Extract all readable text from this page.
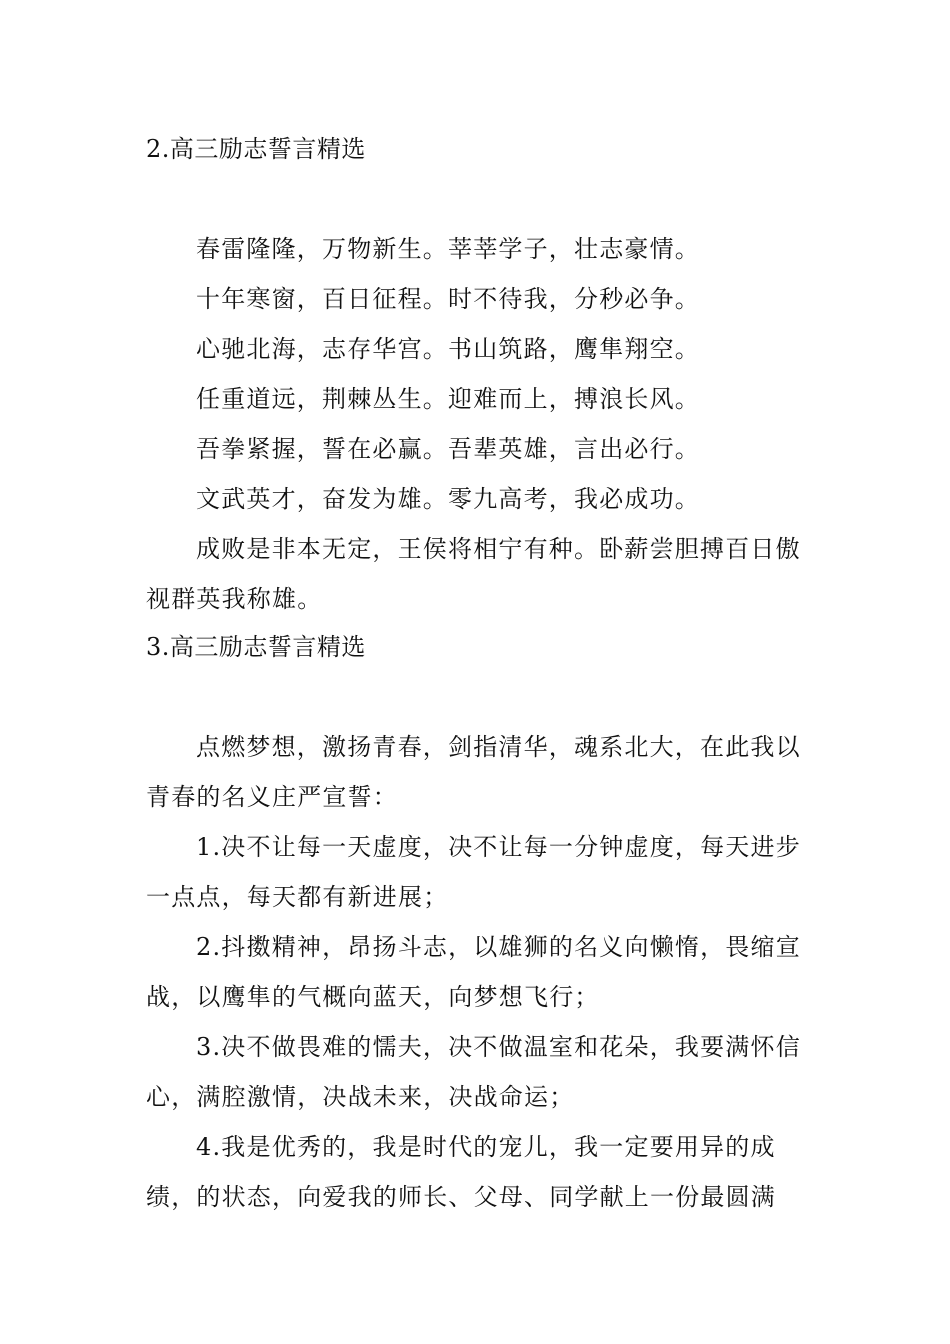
2.高三励志誓言精选
春雷隆隆，万物新生。莘莘学子，壮志豪情。
十年寒窗，百日征程。时不待我，分秒必争。
心驰北海，志存华宫。书山筑路，鹰隼翔空。
任重道远，荆棘丛生。迎难而上，搏浪长风。
吾拳紧握，誓在必赢。吾辈英雄，言出必行。
文武英才，奋发为雄。零九高考，我必成功。

成败是非本无定，王侯将相宁有种。卧薪尝胆搏百日傲视群英我称雄。

3.高三励志誓言精选

点燃梦想，激扬青春，剑指清华，魂系北大，在此我以青春的名义庄严宣誓：

1.决不让每一天虚度，决不让每一分钟虚度，每天进步一点点，每天都有新进展；

2.抖擞精神，昂扬斗志，以雄狮的名义向懒惰，畏缩宣战，以鹰隼的气概向蓝天，向梦想飞行；

3.决不做畏难的懦夫，决不做温室和花朵，我要满怀信心，满腔激情，决战未来，决战命运；

4.我是优秀的，我是时代的宠儿，我一定要用异的成绩，的状态，向爱我的师长、父母、同学献上一份最圆满
